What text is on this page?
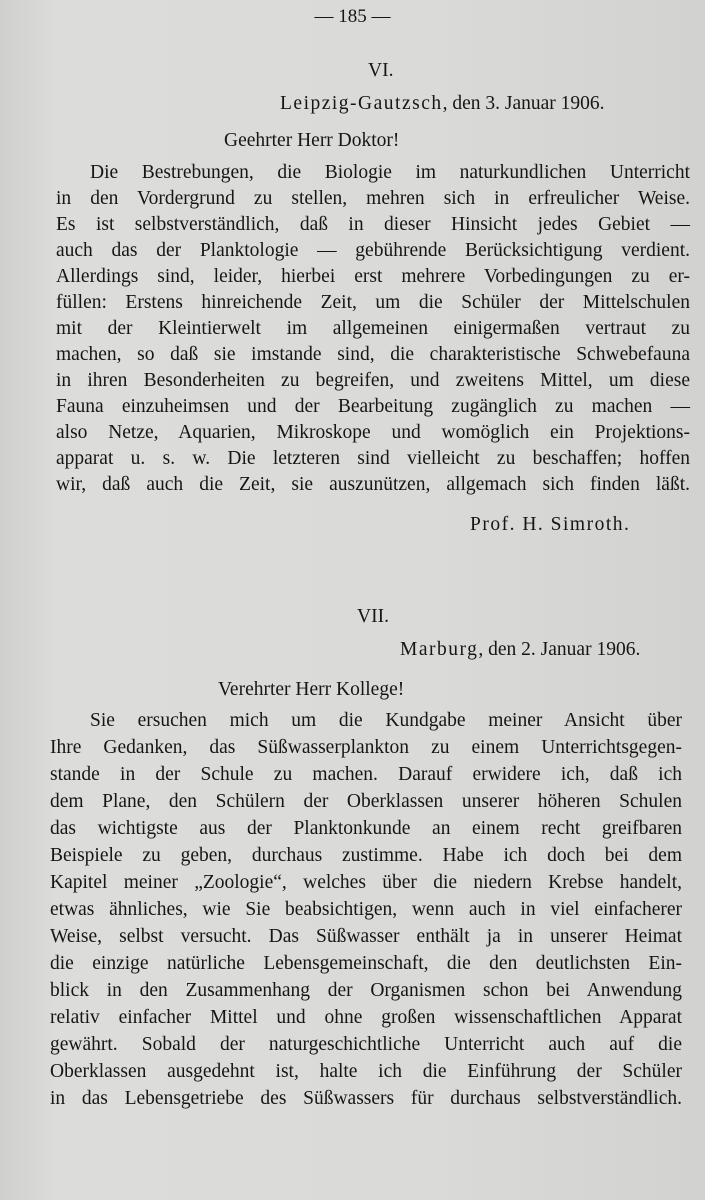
— 185 —
VI.
Leipzig-Gautzsch, den 3. Januar 1906.
Geehrter Herr Doktor!
Die Bestrebungen, die Biologie im naturkundlichen Unterricht
in den Vordergrund zu stellen, mehren sich in erfreulicher Weise.
Es ist selbstverständlich, daß in dieser Hinsicht jedes Gebiet —
auch das der Planktologie — gebührende Berücksichtigung verdient.
Allerdings sind, leider, hierbei erst mehrere Vorbedingungen zu er-
füllen: Erstens hinreichende Zeit, um die Schüler der Mittelschulen
mit der Kleintierwelt im allgemeinen einigermaßen vertraut zu
machen, so daß sie imstande sind, die charakteristische Schwebefauna
in ihren Besonderheiten zu begreifen, und zweitens Mittel, um diese
Fauna einzuheimsen und der Bearbeitung zugänglich zu machen —
also Netze, Aquarien, Mikroskope und womöglich ein Projektions-
apparat u. s. w. Die letzteren sind vielleicht zu beschaffen; hoffen
wir, daß auch die Zeit, sie auszunützen, allgemach sich finden läßt.
Prof. H. Simroth.
VII.
Marburg, den 2. Januar 1906.
Verehrter Herr Kollege!
Sie ersuchen mich um die Kundgabe meiner Ansicht über
Ihre Gedanken, das Süßwasserplankton zu einem Unterrichtsgegen-
stande in der Schule zu machen. Darauf erwidere ich, daß ich
dem Plane, den Schülern der Oberklassen unserer höheren Schulen
das wichtigste aus der Planktonkunde an einem recht greifbaren
Beispiele zu geben, durchaus zustimme. Habe ich doch bei dem
Kapitel meiner „Zoologie“, welches über die niedern Krebse handelt,
etwas ähnliches, wie Sie beabsichtigen, wenn auch in viel einfacherer
Weise, selbst versucht. Das Süßwasser enthält ja in unserer Heimat
die einzige natürliche Lebensgemeinschaft, die den deutlichsten Ein-
blick in den Zusammenhang der Organismen schon bei Anwendung
relativ einfacher Mittel und ohne großen wissenschaftlichen Apparat
gewährt. Sobald der naturgeschichtliche Unterricht auch auf die
Oberklassen ausgedehnt ist, halte ich die Einführung der Schüler
in das Lebensgetriebe des Süßwassers für durchaus selbstverständlich.
